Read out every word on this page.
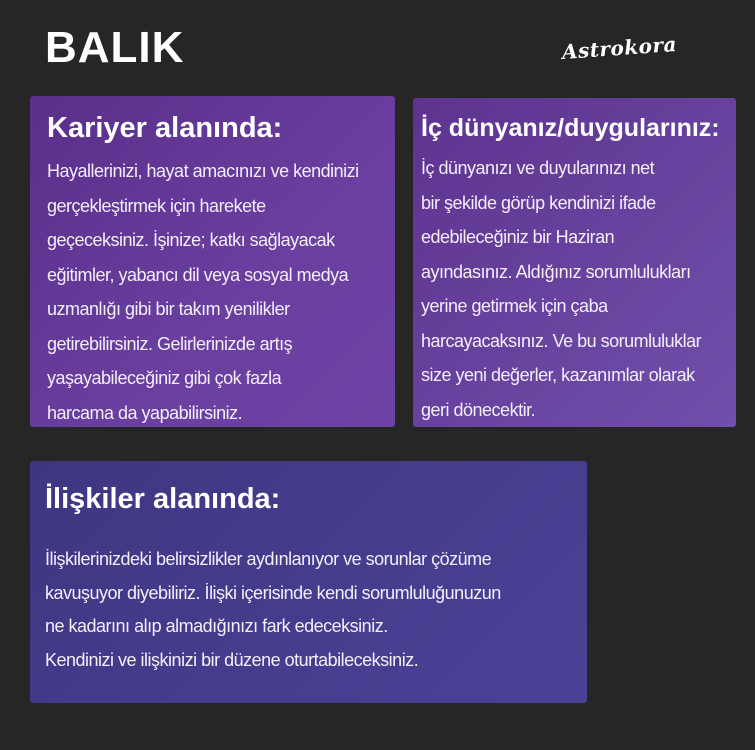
BALIK	Astrokora
Kariyer alanında:

Hayallerinizi, hayat amacınızı ve kendinizi
gerçekleştirmek için harekete
geçeceksiniz. İşinize; katkı sağlayacak
eğitimler, yabancı dil veya sosyal medya
uzmanlığı gibi bir takım yenilikler
getirebilirsiniz. Gelirlerinizde artış
yaşayabileceğiniz gibi çok fazla
harcama da yapabilirsiniz.

İç dünyanız/duygularınız:

İç dünyanızı ve duyularınızı net
bir şekilde görüp kendinizi ifade
edebileceğiniz bir Haziran
ayındasınız. Aldığınız sorumlulukları
yerine getirmek için çaba
harcayacaksınız. Ve bu sorumluluklar
size yeni değerler, kazanımlar olarak
geri dönecektir.

İlişkiler alanında:

İlişkilerinizdeki belirsizlikler aydınlanıyor ve sorunlar çözüme
kavuşuyor diyebiliriz. İlişki içerisinde kendi sorumluluğunuzun
ne kadarını alıp almadığınızı fark edeceksiniz.
Kendinizi ve ilişkinizi bir düzene oturtabileceksiniz.
